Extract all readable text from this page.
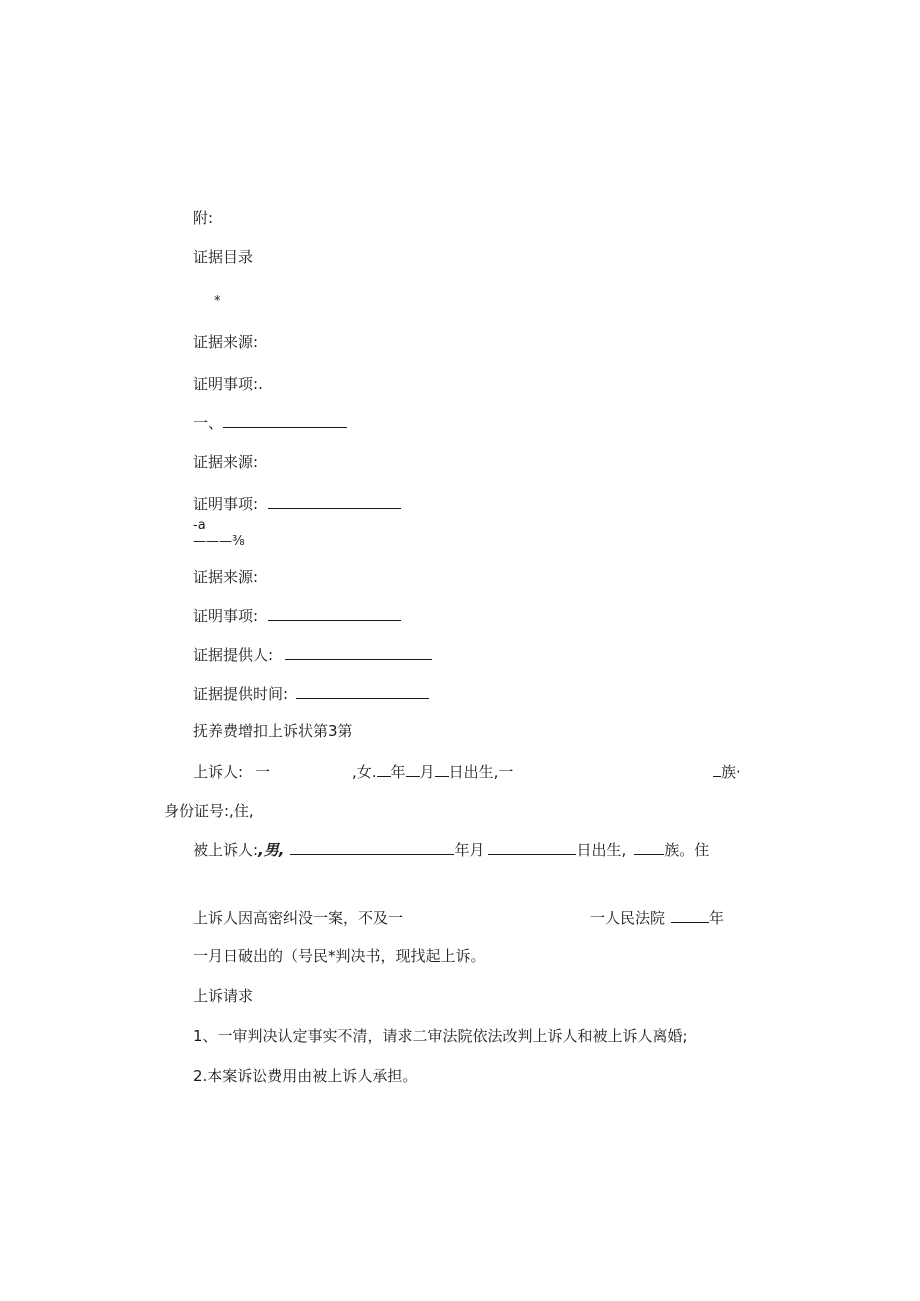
附:
证据目录
*
证据来源:
证明事项:.
一、
证据来源:
证明事项:
-a
———⅜
证据来源:
证明事项:
证据提供人:
证据提供时间:
抚养费增扣上诉状第3第
上诉人: 一	,女. 年 月 日出生,一	族·
身份证号:,住,
被上诉人:,男,	年月	日出生,	族。住
上诉人因高密纠没一案，不及一	一人民法院	年
一月日破出的（号民*判决书，现找起上诉。
上诉请求
1、一审判决认定事实不清，请求二审法院依法改判上诉人和被上诉人离婚;
2.本案诉讼费用由被上诉人承担。
